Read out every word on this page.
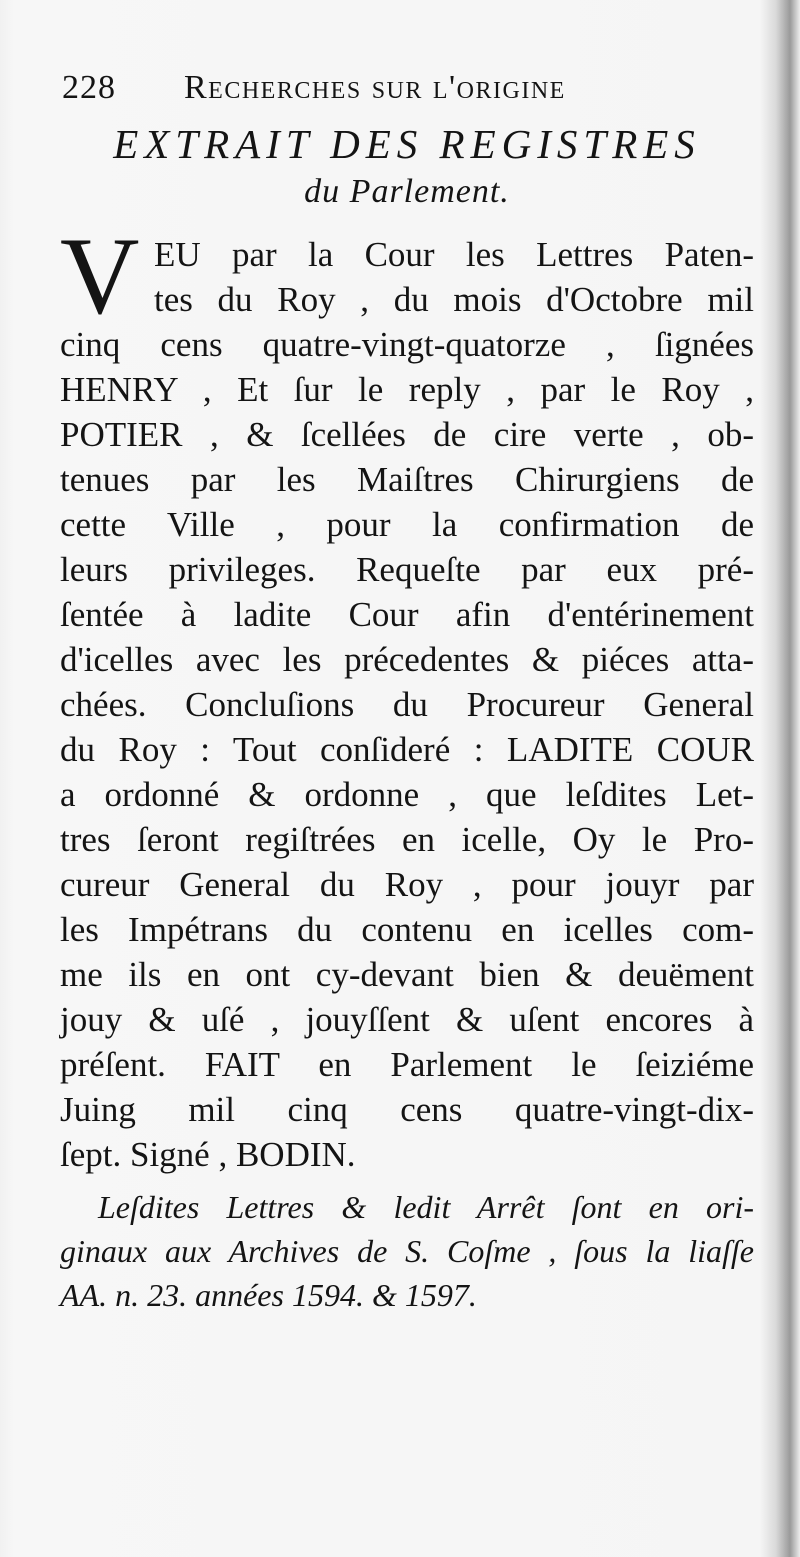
228	Recherches sur l'origine
EXTRAIT DES REGISTRES
du Parlement.
V EU par la Cour les Lettres Paten-
tes du Roy , du mois d'Octobre mil
cinq cens quatre-vingt-quatorze , ſignées
HENRY , Et ſur le reply , par le Roy ,
POTIER , & ſcellées de cire verte , ob-
tenues par les Maiſtres Chirurgiens de
cette Ville , pour la confirmation de
leurs privileges. Requeſte par eux pré-
ſentée à ladite Cour afin d'entérinement
d'icelles avec les précedentes & piéces atta-
chées. Concluſions du Procureur General
du Roy : Tout conſideré : LADITE COUR
a ordonné & ordonne , que leſdites Let-
tres ſeront regiſtrées en icelle, Oy le Pro-
cureur General du Roy , pour jouyr par
les Impétrans du contenu en icelles com-
me ils en ont cy-devant bien & deuëment
jouy & uſé , jouyſſent & uſent encores à
préſent. FAIT en Parlement le ſeiziéme
Juing mil cinq cens quatre-vingt-dix-
ſept. Signé , BODIN.
Leſdites Lettres & ledit Arrêt ſont en ori-
ginaux aux Archives de S. Coſme , ſous la liaſſe
AA. n. 23. années 1594. & 1597.
